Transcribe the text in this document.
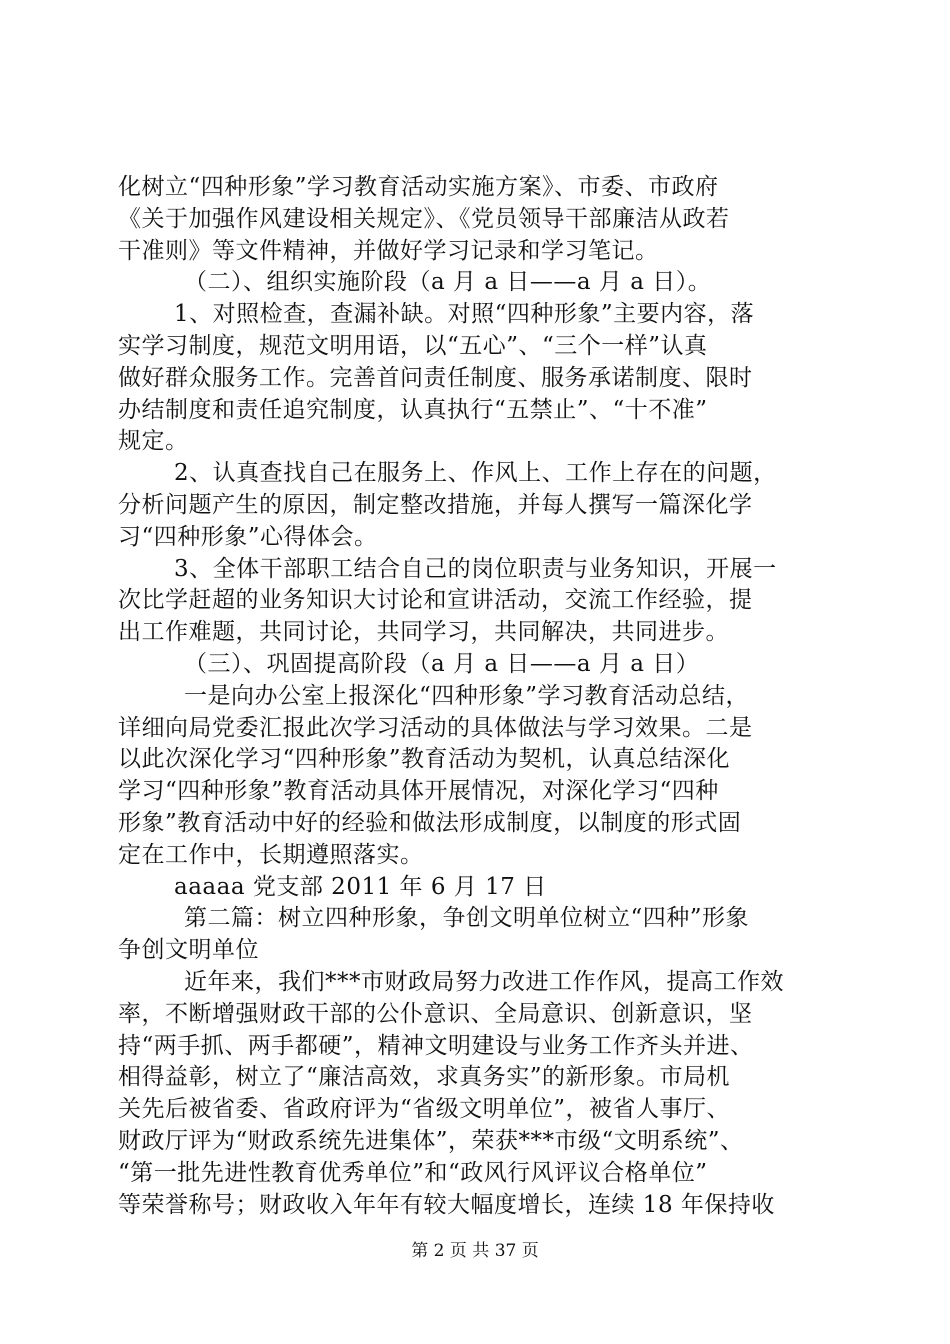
化树立“四种形象”学习教育活动实施方案》、市委、市政府
《关于加强作风建设相关规定》、《党员领导干部廉洁从政若
干准则》等文件精神，并做好学习记录和学习笔记。
（二）、组织实施阶段（a 月 a 日——a 月 a 日）。
1、对照检查，查漏补缺。对照“四种形象”主要内容，落
实学习制度，规范文明用语，以“五心”、“三个一样”认真
做好群众服务工作。完善首问责任制度、服务承诺制度、限时
办结制度和责任追究制度，认真执行“五禁止”、“十不准”
规定。
2、认真查找自己在服务上、作风上、工作上存在的问题，
分析问题产生的原因，制定整改措施，并每人撰写一篇深化学
习“四种形象”心得体会。
3、全体干部职工结合自己的岗位职责与业务知识，开展一
次比学赶超的业务知识大讨论和宣讲活动，交流工作经验，提
出工作难题，共同讨论，共同学习，共同解决，共同进步。
（三）、巩固提高阶段（a 月 a 日——a 月 a 日）
一是向办公室上报深化“四种形象”学习教育活动总结，
详细向局党委汇报此次学习活动的具体做法与学习效果。二是
以此次深化学习“四种形象”教育活动为契机，认真总结深化
学习“四种形象”教育活动具体开展情况，对深化学习“四种
形象”教育活动中好的经验和做法形成制度，以制度的形式固
定在工作中，长期遵照落实。
aaaaa 党支部 2011 年 6 月 17 日
第二篇：树立四种形象，争创文明单位树立“四种”形象
争创文明单位
近年来，我们***市财政局努力改进工作作风，提高工作效
率，不断增强财政干部的公仆意识、全局意识、创新意识，坚
持“两手抓、两手都硬”，精神文明建设与业务工作齐头并进、
相得益彰，树立了“廉洁高效，求真务实”的新形象。市局机
关先后被省委、省政府评为“省级文明单位”，被省人事厅、
财政厅评为“财政系统先进集体”，荣获***市级“文明系统”、
“第一批先进性教育优秀单位”和“政风行风评议合格单位”
等荣誉称号；财政收入年年有较大幅度增长，连续 18 年保持收
第 2 页 共 37 页
